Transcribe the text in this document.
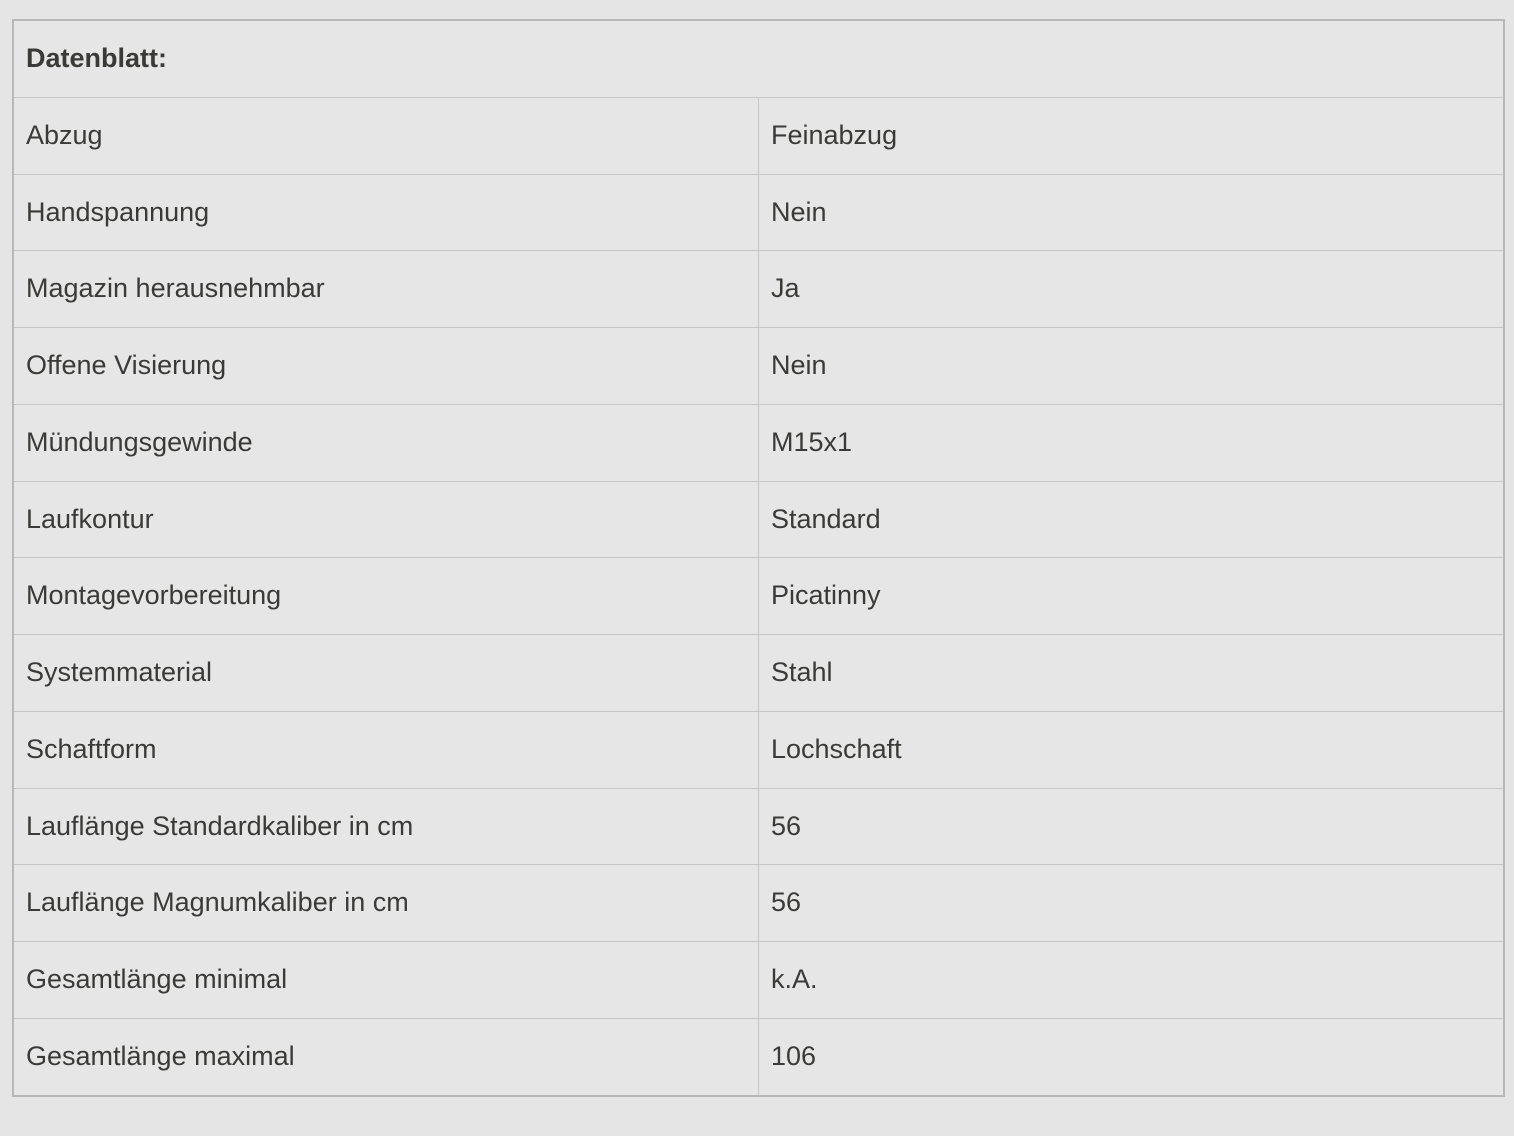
Datenblatt:	
Abzug	Feinabzug
Handspannung	Nein
Magazin herausnehmbar	Ja
Offene Visierung	Nein
Mündungsgewinde	M15x1
Laufkontur	Standard
Montagevorbereitung	Picatinny
Systemmaterial	Stahl
Schaftform	Lochschaft
Lauflänge Standardkaliber in cm	56
Lauflänge Magnumkaliber in cm	56
Gesamtlänge minimal	k.A.
Gesamtlänge maximal	106
